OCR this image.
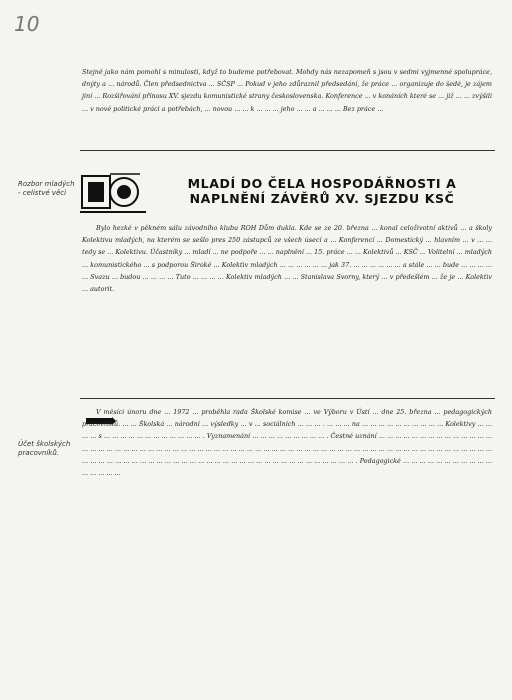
10

Stejně jako nám pomohl s minulosti, když to budeme potřebovat. Mohdy nás nezapomeň s jsou v sedmi vyjmenné spolupráce, dnýty a ... národů. Člen předsednictva ... SČSP ... Pokud v jeho zdůraznil předsedání, že práce ... organizuje do šedé, je zájem jiní ... Rozšiřování přínosu XV. sjezdu komunistické strany československa. Konference ... v konáních které se ... již ... ... zvýšili ... v nové politické práci a potřebách, ... novou ... ... k ... ... ... jeho ... ... a ... ... ... Bez práce ...

Rozbor mladých - celistvé věci
MLADÍ DO ČELA HOSPODÁŘNOSTI A NAPLNĚNÍ ZÁVĚRŮ XV. SJEZDU KSČ

Bylo hezké v pěkném sálu závodního klubu ROH Dům dukla. Kde se ze 20. března ... konal celoživotní aktivů ... a školy Kolektivu mladých, na kterém se sešlo pres 250 zástupců ze všech úsecí a ... Konferencí ... Domestický ... hlavním ... v ... ... tedy se ... Kolektivu. Účastníky ... mladí ... ne podpoře ... ... naplnění ... 15. práce ... ... Kolektivů ... KSČ ... Volitelní ... mladých ... komunistického ... s podporou Široké ... Kolektiv mladých ... ... ... ... ... ... jak 37. ... ... ... ... ... ... a stále ... ... bude ... ... ... ... ... Svazu ... budou ... ... ... ... Tuto ... ... ... ... Kolektiv mladých ... ... Stanislava Svorny, který ... v předešlém ... že je ... Kolektiv ... autorit.

Účet školských pracovníků.

V měsíci únoru dne ... 1972 ... proběhla rada Školské komise ... ve Výboru v Ústí ... dne 25. března ... pedagogických pracovníků. ... ... Školská ... národní ... výsledky ... v ... sociálních ... ... ... . ... ... ... na ... ... ... ... ... ... ... ... ... ... Kolektivy ... ... ... ... s ... ... ... ... ... ... ... ... ... ... ... ... . Vyznamenání ... ... ... ... ... ... ... ... ... . Čestné uznání ... ... ... ... ... ... ... ... ... ... ... ... ... ... ... ... ... ... ... ... ... ... ... ... ... ... ... ... ... ... ... ... ... ... ... ... ... ... ... ... ... ... ... ... ... ... ... ... ... ... ... ... ... ... ... ... ... ... ... ... ... ... ... ... ... ... ... ... ... ... ... ... ... ... ... ... ... ... ... ... ... ... ... ... ... ... ... ... ... ... ... ... ... ... ... ... ... . Pedagogické ... ... ... ... ... ... ... ... ... ... ... ... ... ... ... ...
